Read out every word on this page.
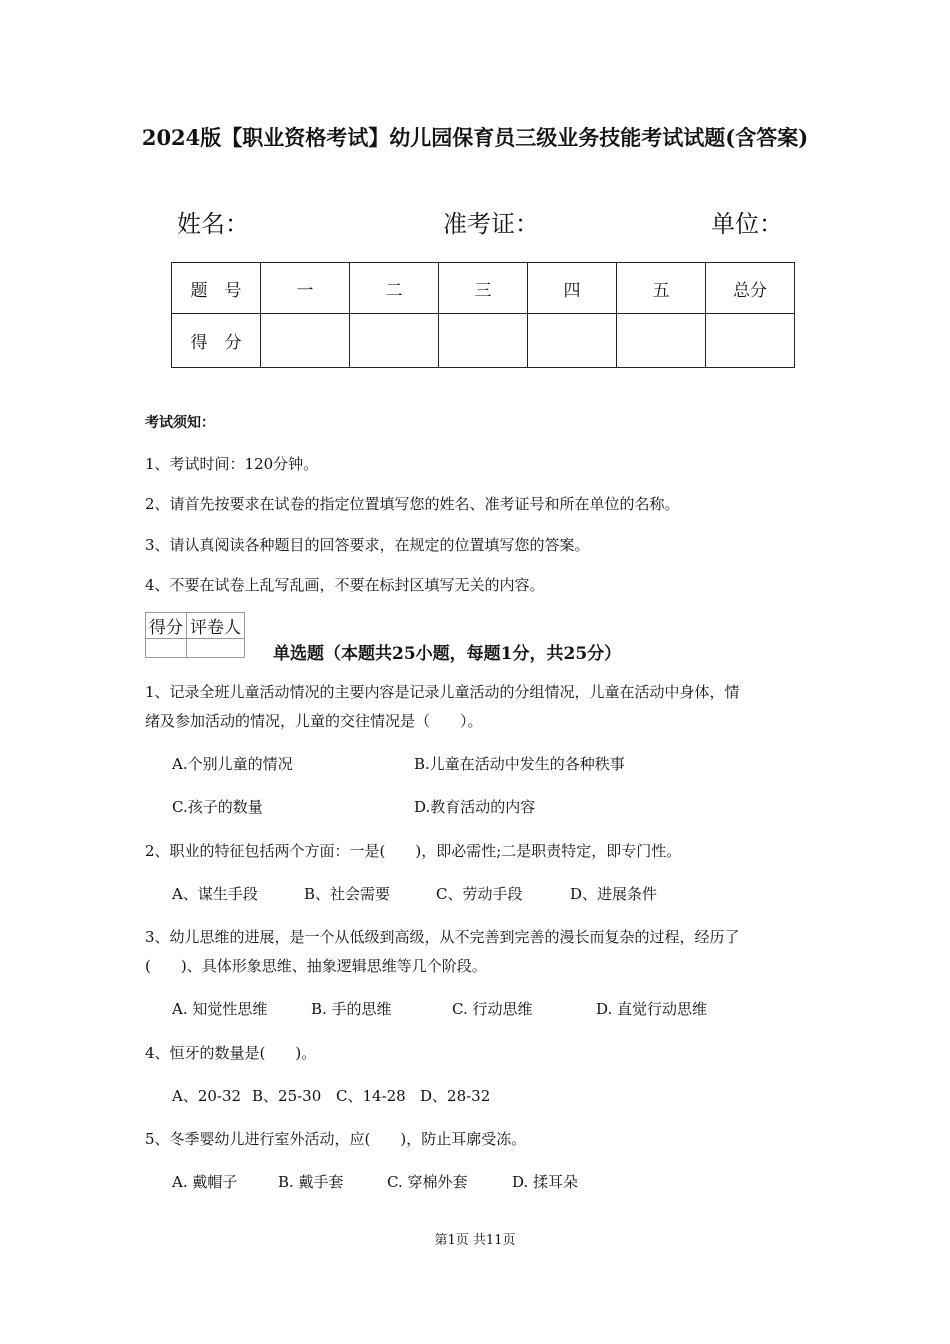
2024版【职业资格考试】幼儿园保育员三级业务技能考试试题(含答案)
姓名：	准考证：	单位：
题　号	一	二	三	四	五	总分
得　分						
考试须知：
1、考试时间：120分钟。
2、请首先按要求在试卷的指定位置填写您的姓名、准考证号和所在单位的名称。
3、请认真阅读各种题目的回答要求，在规定的位置填写您的答案。
4、不要在试卷上乱写乱画，不要在标封区填写无关的内容。
得分	评卷人

单选题（本题共25小题，每题1分，共25分）
1、记录全班儿童活动情况的主要内容是记录儿童活动的分组情况，儿童在活动中身体，情
绪及参加活动的情况，儿童的交往情况是（　　）。
A.个别儿童的情况	B.儿童在活动中发生的各种秩事
C.孩子的数量	D.教育活动的内容
2、职业的特征包括两个方面：一是(　　)，即必需性;二是职责特定，即专门性。
A、谋生手段	B、社会需要	C、劳动手段	D、进展条件
3、幼儿思维的进展，是一个从低级到高级，从不完善到完善的漫长而复杂的过程，经历了
(　　)、具体形象思维、抽象逻辑思维等几个阶段。
A. 知觉性思维	B. 手的思维	C. 行动思维	D. 直觉行动思维
4、恒牙的数量是(　　)。
A、20-32 B、25-30 C、14-28 D、28-32
5、冬季婴幼儿进行室外活动，应(　　)，防止耳廓受冻。
A. 戴帽子	B. 戴手套	C. 穿棉外套	D. 揉耳朵
第1页 共11页
